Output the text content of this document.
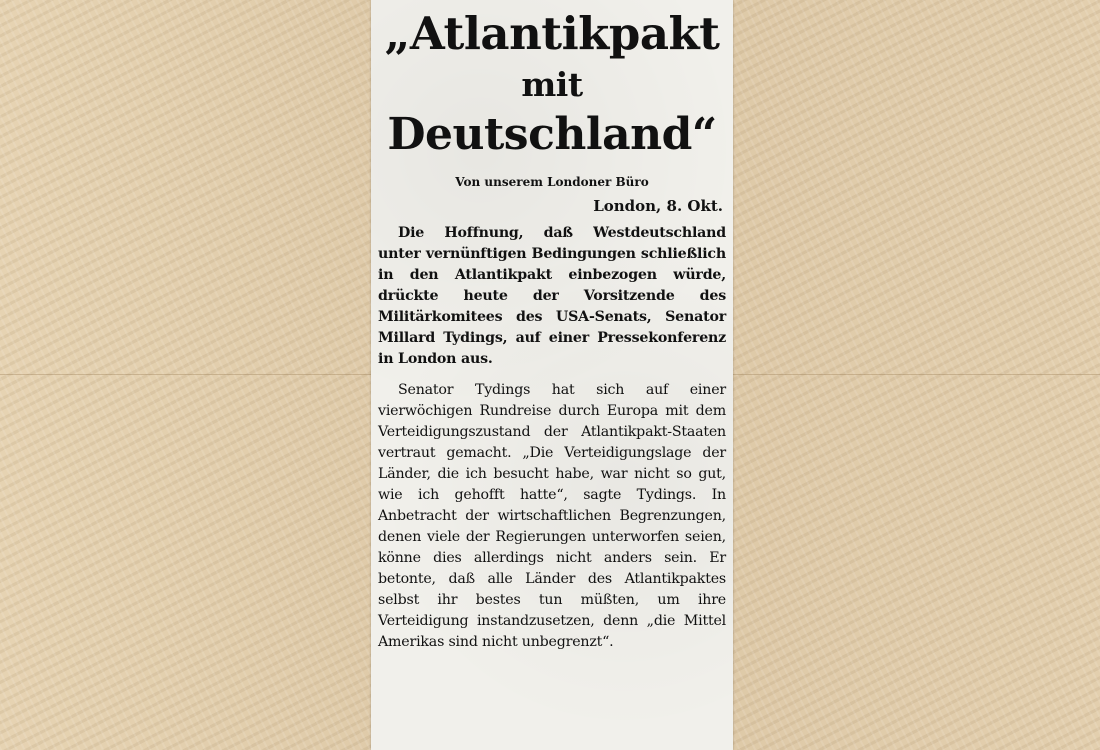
„Atlantikpakt
mit
Deutschland“
Von unserem Londoner Büro
London, 8. Okt.

Die Hoffnung, daß Westdeutschland unter vernünftigen Bedingungen schließlich in den Atlantikpakt einbezogen würde, drückte heute der Vorsitzende des Militärkomitees des USA-Senats, Senator Millard Tydings, auf einer Pressekonferenz in London aus.

Senator Tydings hat sich auf einer vierwöchigen Rundreise durch Europa mit dem Verteidigungszustand der Atlantikpakt-Staaten vertraut gemacht. „Die Verteidigungslage der Länder, die ich besucht habe, war nicht so gut, wie ich gehofft hatte“, sagte Tydings. In Anbetracht der wirtschaftlichen Begrenzungen, denen viele der Regierungen unterworfen seien, könne dies allerdings nicht anders sein. Er betonte, daß alle Länder des Atlantikpaktes selbst ihr bestes tun müßten, um ihre Verteidigung instandzusetzen, denn „die Mittel Amerikas sind nicht unbegrenzt“.
